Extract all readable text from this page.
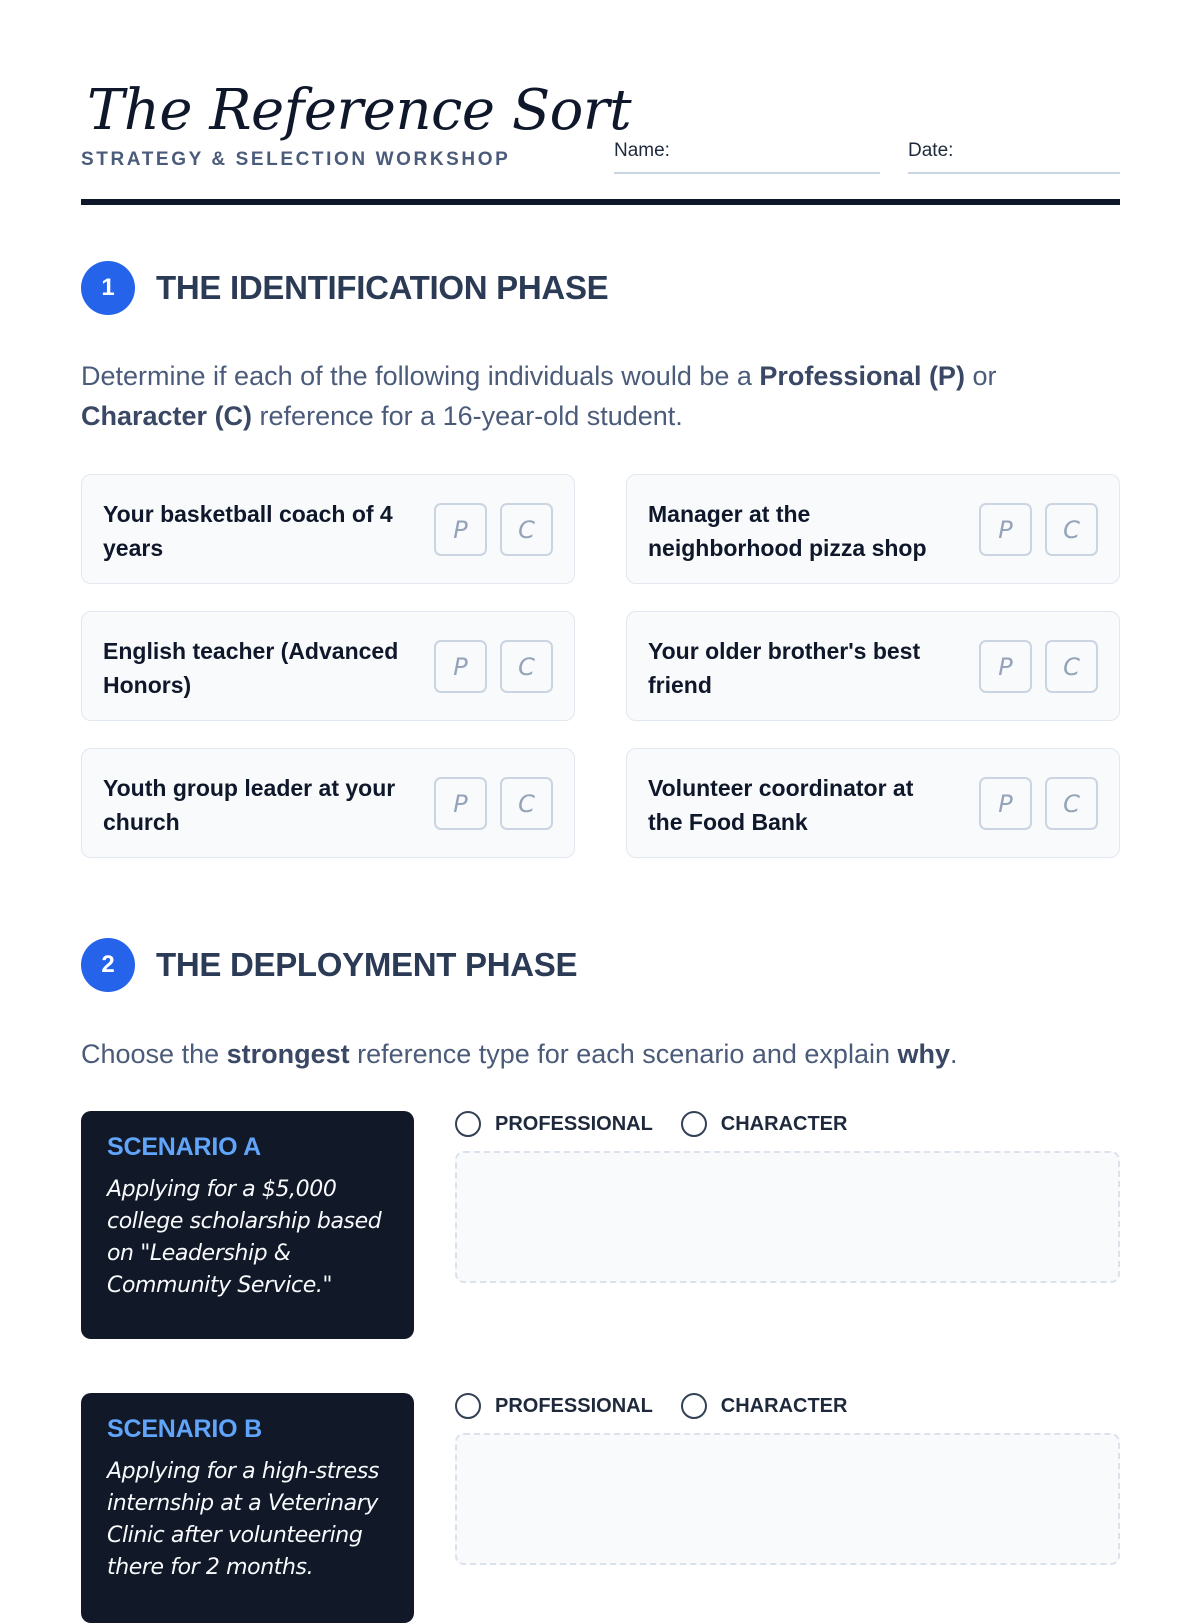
The Reference Sort
STRATEGY & SELECTION WORKSHOP	Name:	Date:
1	THE IDENTIFICATION PHASE

Determine if each of the following individuals would be a Professional (P) or Character (C) reference for a 16-year-old student.

Your basketball coach of 4 years
P	C
Manager at the neighborhood pizza shop
P	C
English teacher (Advanced Honors)
P	C
Your older brother's best friend
P	C
Youth group leader at your church
P	C
Volunteer coordinator at the Food Bank
P	C
2	THE DEPLOYMENT PHASE

Choose the strongest reference type for each scenario and explain why.

SCENARIO A
Applying for a $5,000 college scholarship based on "Leadership & Community Service."
PROFESSIONAL	CHARACTER
SCENARIO B
Applying for a high-stress internship at a Veterinary Clinic after volunteering there for 2 months.
PROFESSIONAL	CHARACTER
